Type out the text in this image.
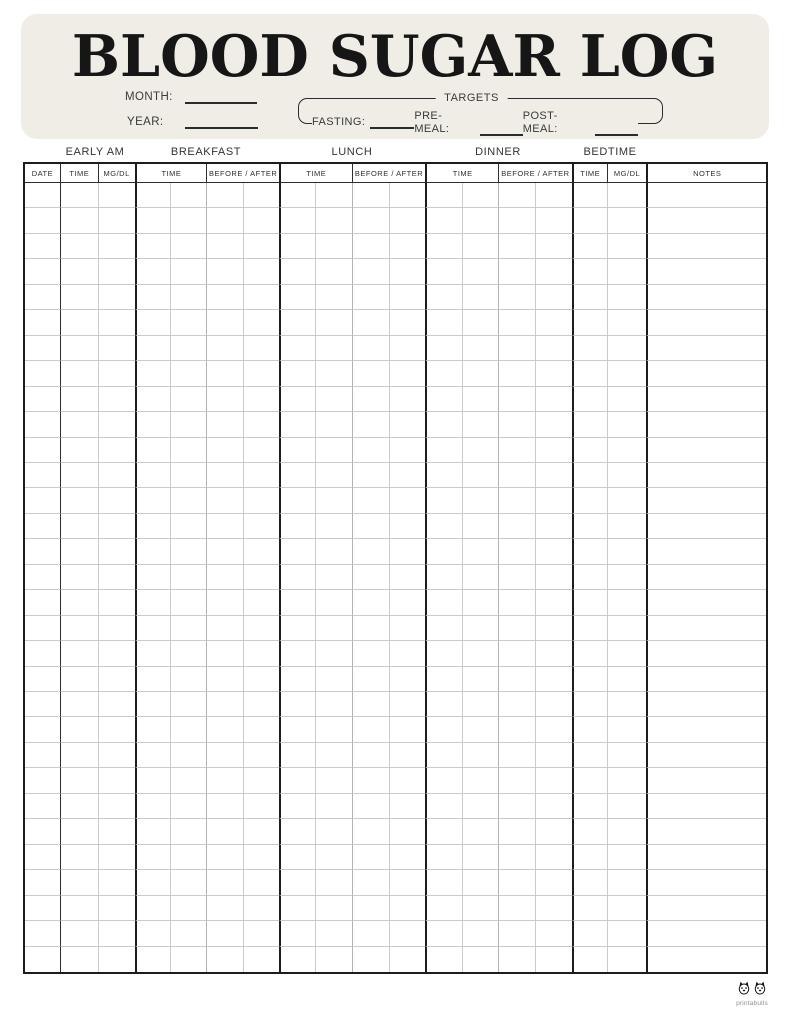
BLOOD SUGAR LOG
MONTH:
YEAR:
TARGETS
FASTING:
PRE-MEAL:
POST-MEAL:
EARLY AM	BREAKFAST	LUNCH	DINNER	BEDTIME
DATE	TIME	MG/DL	TIME	BEFORE / AFTER	TIME	BEFORE / AFTER	TIME	BEFORE / AFTER	TIME	MG/DL	NOTES
printabulls
